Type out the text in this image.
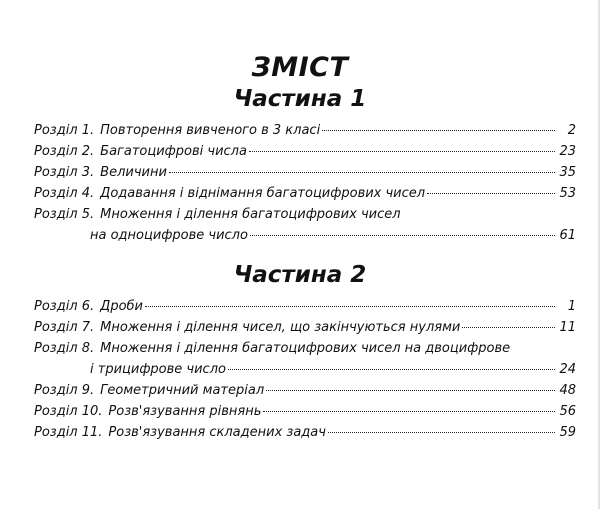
ЗМІСТ
Частина 1
Розділ 1. Повторення вивченого в 3 класі	2
Розділ 2. Багатоцифрові числа	23
Розділ 3. Величини	35
Розділ 4. Додавання і віднімання багатоцифрових чисел	53
Розділ 5. Множення і ділення багатоцифрових чисел
на одноцифрове число	61
Частина 2
Розділ 6. Дроби	1
Розділ 7. Множення і ділення чисел, що закінчуються нулями	11
Розділ 8. Множення і ділення багатоцифрових чисел на двоцифрове
і трицифрове число	24
Розділ 9. Геометричний матеріал	48
Розділ 10. Розв'язування рівнянь	56
Розділ 11. Розв'язування складених задач	59
